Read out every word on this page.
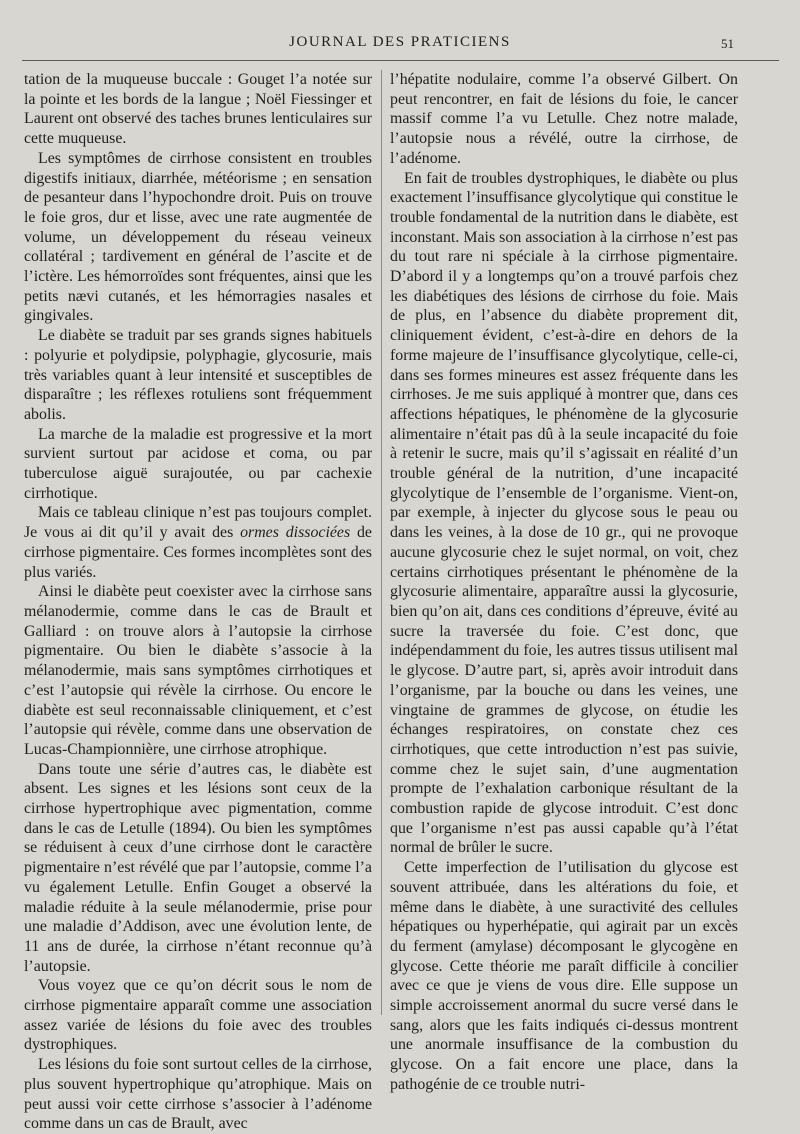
JOURNAL DES PRATICIENS	51

tation de la muqueuse buccale : Gouget l’a notée sur la pointe et les bords de la langue ; Noël Fiessinger et Laurent ont observé des taches brunes lenticulaires sur cette muqueuse.

Les symptômes de cirrhose consistent en troubles digestifs initiaux, diarrhée, météorisme ; en sensation de pesanteur dans l’hypochondre droit. Puis on trouve le foie gros, dur et lisse, avec une rate augmentée de volume, un développement du réseau veineux collatéral ; tardivement en général de l’ascite et de l’ictère. Les hémorroïdes sont fréquentes, ainsi que les petits nævi cutanés, et les hémorragies nasales et gingivales.

Le diabète se traduit par ses grands signes habituels : polyurie et polydipsie, polyphagie, glycosurie, mais très variables quant à leur intensité et susceptibles de disparaître ; les réflexes rotuliens sont fréquemment abolis.

La marche de la maladie est progressive et la mort survient surtout par acidose et coma, ou par tuberculose aiguë surajoutée, ou par cachexie cirrhotique.

Mais ce tableau clinique n’est pas toujours complet. Je vous ai dit qu’il y avait des ormes dissociées de cirrhose pigmentaire. Ces formes incomplètes sont des plus variés.

Ainsi le diabète peut coexister avec la cirrhose sans mélanodermie, comme dans le cas de Brault et Galliard : on trouve alors à l’autopsie la cirrhose pigmentaire. Ou bien le diabète s’associe à la mélanodermie, mais sans symptômes cirrhotiques et c’est l’autopsie qui révèle la cirrhose. Ou encore le diabète est seul reconnaissable cliniquement, et c’est l’autopsie qui révèle, comme dans une observation de Lucas-Championnière, une cirrhose atrophique.

Dans toute une série d’autres cas, le diabète est absent. Les signes et les lésions sont ceux de la cirrhose hypertrophique avec pigmentation, comme dans le cas de Letulle (1894). Ou bien les symptômes se réduisent à ceux d’une cirrhose dont le caractère pigmentaire n’est révélé que par l’autopsie, comme l’a vu également Letulle. Enfin Gouget a observé la maladie réduite à la seule mélanodermie, prise pour une maladie d’Addison, avec une évolution lente, de 11 ans de durée, la cirrhose n’étant reconnue qu’à l’autopsie.

Vous voyez que ce qu’on décrit sous le nom de cirrhose pigmentaire apparaît comme une association assez variée de lésions du foie avec des troubles dystrophiques.

Les lésions du foie sont surtout celles de la cirrhose, plus souvent hypertrophique qu’atrophique. Mais on peut aussi voir cette cirrhose s’associer à l’adénome comme dans un cas de Brault, avec

l’hépatite nodulaire, comme l’a observé Gilbert. On peut rencontrer, en fait de lésions du foie, le cancer massif comme l’a vu Letulle. Chez notre malade, l’autopsie nous a révélé, outre la cirrhose, de l’adénome.

En fait de troubles dystrophiques, le diabète ou plus exactement l’insuffisance glycolytique qui constitue le trouble fondamental de la nutrition dans le diabète, est inconstant. Mais son association à la cirrhose n’est pas du tout rare ni spéciale à la cirrhose pigmentaire. D’abord il y a longtemps qu’on a trouvé parfois chez les diabétiques des lésions de cirrhose du foie. Mais de plus, en l’absence du diabète proprement dit, cliniquement évident, c’est-à-dire en dehors de la forme majeure de l’insuffisance glycolytique, celle-ci, dans ses formes mineures est assez fréquente dans les cirrhoses. Je me suis appliqué à montrer que, dans ces affections hépatiques, le phénomène de la glycosurie alimentaire n’était pas dû à la seule incapacité du foie à retenir le sucre, mais qu’il s’agissait en réalité d’un trouble général de la nutrition, d’une incapacité glycolytique de l’ensemble de l’organisme. Vient-on, par exemple, à injecter du glycose sous le peau ou dans les veines, à la dose de 10 gr., qui ne provoque aucune glycosurie chez le sujet normal, on voit, chez certains cirrhotiques présentant le phénomène de la glycosurie alimentaire, apparaître aussi la glycosurie, bien qu’on ait, dans ces conditions d’épreuve, évité au sucre la traversée du foie. C’est donc, que indépendamment du foie, les autres tissus utilisent mal le glycose. D’autre part, si, après avoir introduit dans l’organisme, par la bouche ou dans les veines, une vingtaine de grammes de glycose, on étudie les échanges respiratoires, on constate chez ces cirrhotiques, que cette introduction n’est pas suivie, comme chez le sujet sain, d’une augmentation prompte de l’exhalation carbonique résultant de la combustion rapide de glycose introduit. C’est donc que l’organisme n’est pas aussi capable qu’à l’état normal de brûler le sucre.

Cette imperfection de l’utilisation du glycose est souvent attribuée, dans les altérations du foie, et même dans le diabète, à une suractivité des cellules hépatiques ou hyperhépatie, qui agirait par un excès du ferment (amylase) décomposant le glycogène en glycose. Cette théorie me paraît difficile à concilier avec ce que je viens de vous dire. Elle suppose un simple accroissement anormal du sucre versé dans le sang, alors que les faits indiqués ci-dessus montrent une anormale insuffisance de la combustion du glycose. On a fait encore une place, dans la pathogénie de ce trouble nutri-
